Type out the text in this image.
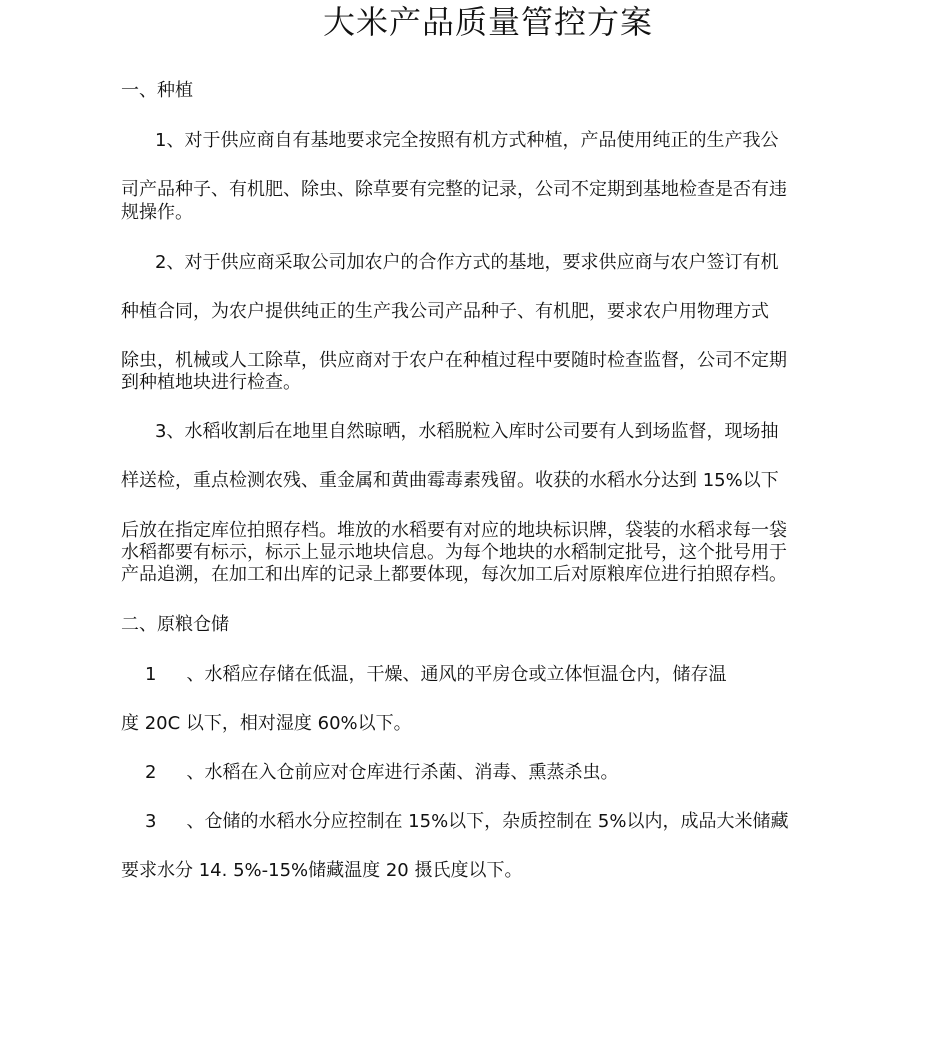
大米产品质量管控方案
一、种植
1、对于供应商自有基地要求完全按照有机方式种植，产品使用纯正的生产我公
司产品种子、有机肥、除虫、除草要有完整的记录，公司不定期到基地检查是否有违
规操作。
2、对于供应商采取公司加农户的合作方式的基地，要求供应商与农户签订有机
种植合同，为农户提供纯正的生产我公司产品种子、有机肥，要求农户用物理方式
除虫，机械或人工除草，供应商对于农户在种植过程中要随时检查监督，公司不定期
到种植地块进行检查。
3、水稻收割后在地里自然晾晒，水稻脱粒入库时公司要有人到场监督，现场抽
样送检，重点检测农残、重金属和黄曲霉毒素残留。收获的水稻水分达到 15%以下
后放在指定库位拍照存档。堆放的水稻要有对应的地块标识牌，袋装的水稻求每一袋
水稻都要有标示，标示上显示地块信息。为每个地块的水稻制定批号，这个批号用于
产品追溯，在加工和出库的记录上都要体现，每次加工后对原粮库位进行拍照存档。
二、原粮仓储
1 、水稻应存储在低温，干燥、通风的平房仓或立体恒温仓内，储存温
度 20C 以下，相对湿度 60%以下。
2 、水稻在入仓前应对仓库进行杀菌、消毒、熏蒸杀虫。
3 、仓储的水稻水分应控制在 15%以下，杂质控制在 5%以内，成品大米储藏
要求水分 14. 5%-15%储藏温度 20 摄氏度以下。
